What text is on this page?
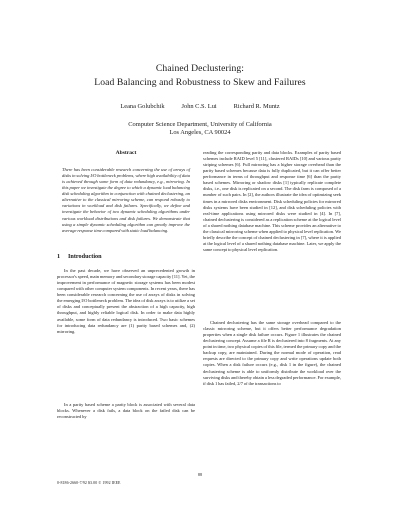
Chained Declustering:
Load Balancing and Robustness to Skew and Failures
Leana Golubchik	John C.S. Lui	Richard R. Muntz
Computer Science Department, University of California
Los Angeles, CA 90024
Abstract
There has been considerable research concerning the use of arrays of disks in solving I/O bottleneck problems, where high availability of data is achieved through some form of data redundancy, e.g., mirroring. In this paper we investigate the degree to which a dynamic load balancing disk scheduling algorithm in conjunction with chained declustering, an alternative to the classical mirroring scheme, can respond robustly to variations in workload and disk failures. Specifically, we define and investigate the behavior of two dynamic scheduling algorithms under various workload distributions and disk failures. We demonstrate that using a simple dynamic scheduling algorithm can greatly improve the average response time compared with static load balancing.
1 Introduction
In the past decade, we have observed an unprecedented growth in processor's speed, main memory and secondary storage capacity [11]. Yet, the improvement in performance of magnetic storage systems has been modest compared with other computer system components. In recent years, there has been considerable research concerning the use of arrays of disks in solving the emerging I/O bottleneck problem. The idea of disk arrays is to utilize a set of disks and conceptually present the abstraction of a high capacity, high throughput, and highly reliable logical disk. In order to make data highly available, some form of data redundancy is introduced. Two basic schemes for introducing data redundancy are (1) parity based schemes and, (2) mirroring.
In a parity based scheme a parity block is associated with several data blocks. Whenever a disk fails, a data block on the failed disk can be reconstructed by
reading the corresponding parity and data blocks. Examples of parity based schemes include RAID level 5 [11], clustered RAIDs [10] and various parity striping schemes [6]. Full mirroring has a higher storage overhead than the parity based schemes because data is fully duplicated, but it can offer better performance in terms of throughput and response time [6] than the parity based schemes. Mirroring or shadow disks [1] typically replicate complete disks, i.e., one disk is replicated on a second. The disk farm is composed of a number of such pairs. In [2], the authors illustrate the idea of optimizing seek times in a mirrored disks environment. Disk scheduling policies for mirrored disks systems have been studied in [12], and disk scheduling policies with real-time applications using mirrored disks were studied in [4]. In [7], chained declustering is considered as a replication scheme at the logical level of a shared nothing database machine. This scheme provides an alternative to the classical mirroring scheme when applied to physical level replication. We briefly describe the concept of chained declustering in [7], where it is applied at the logical level of a shared nothing database machine. Later, we apply the same concept to physical level replication.
Chained declustering has the same storage overhead compared to the classic mirroring scheme, but it offers better performance degradation properties when a single disk failure occurs. Figure 1 illustrates the chained declustering concept. Assume a file R is declustered into 8 fragments. At any point in time, two physical copies of this file, termed the primary copy and the backup copy, are maintained. During the normal mode of operation, read requests are directed to the primary copy and write operations update both copies. When a disk failure occurs (e.g., disk 1 in the figure), the chained declustering scheme is able to uniformly distribute the workload over the surviving disks and thereby obtain a less degraded performance. For example, if disk 1 has failed, 2/7 of the transactions to
88
0-8186-2660-7/92 $3.00 © 1992 IEEE
